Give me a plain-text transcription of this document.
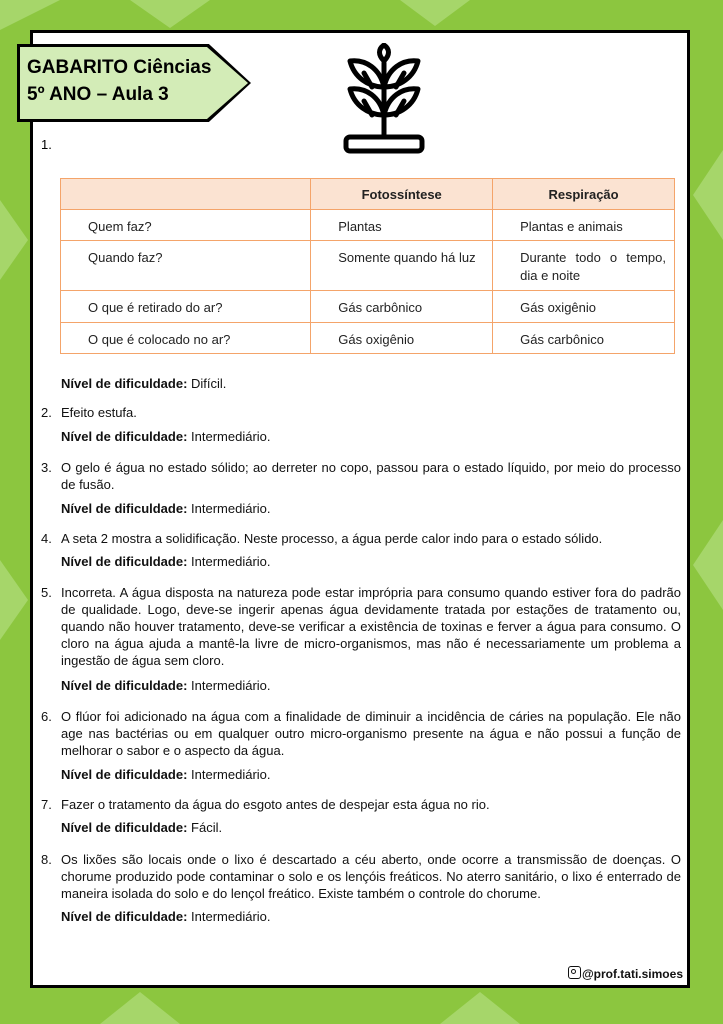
GABARITO Ciências
5º ANO – Aula 3
1.
	Fotossíntese	Respiração
Quem faz?	Plantas	Plantas e animais
Quando faz?	Somente quando há luz	Durante todo o tempo, dia e noite
O que é retirado do ar?	Gás carbônico	Gás oxigênio
O que é colocado no ar?	Gás oxigênio	Gás carbônico
Nível de dificuldade: Difícil.
2. Efeito estufa.
Nível de dificuldade: Intermediário.
3. O gelo é água no estado sólido; ao derreter no copo, passou para o estado líquido, por meio do processo de fusão.
Nível de dificuldade: Intermediário.
4. A seta 2 mostra a solidificação. Neste processo, a água perde calor indo para o estado sólido.
Nível de dificuldade: Intermediário.
5. Incorreta. A água disposta na natureza pode estar imprópria para consumo quando estiver fora do padrão de qualidade. Logo, deve-se ingerir apenas água devidamente tratada por estações de tratamento ou, quando não houver tratamento, deve-se verificar a existência de toxinas e ferver a água para consumo. O cloro na água ajuda a mantê-la livre de micro-organismos, mas não é necessariamente um problema a ingestão de água sem cloro.
Nível de dificuldade: Intermediário.
6. O flúor foi adicionado na água com a finalidade de diminuir a incidência de cáries na população. Ele não age nas bactérias ou em qualquer outro micro-organismo presente na água e não possui a função de melhorar o sabor e o aspecto da água.
Nível de dificuldade: Intermediário.
7. Fazer o tratamento da água do esgoto antes de despejar esta água no rio.
Nível de dificuldade: Fácil.
8. Os lixões são locais onde o lixo é descartado a céu aberto, onde ocorre a transmissão de doenças. O chorume produzido pode contaminar o solo e os lençóis freáticos. No aterro sanitário, o lixo é enterrado de maneira isolada do solo e do lençol freático. Existe também o controle do chorume.
Nível de dificuldade: Intermediário.
@prof.tati.simoes
